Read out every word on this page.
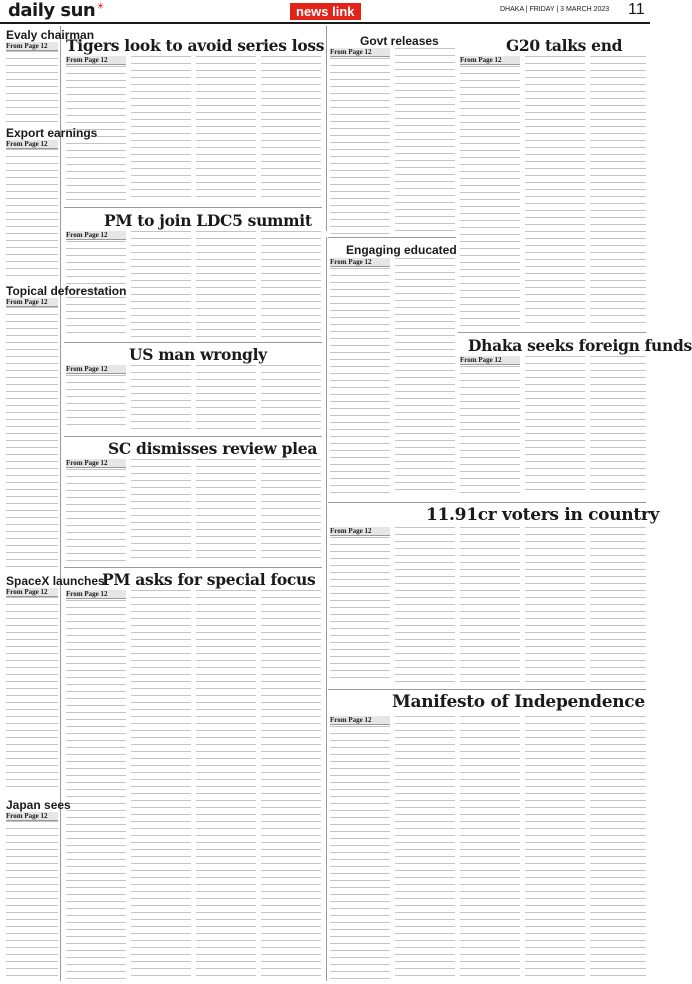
daily sun☀	news link	DHAKA | FRIDAY | 3 MARCH 2023 11
Evaly chairman
From Page 12
Export earnings
From Page 12
Topical deforestation
From Page 12
SpaceX launches
From Page 12
Japan sees
From Page 12
Tigers look to avoid series loss
From Page 12
Govt releases
From Page 12	G20 talks end
From Page 12
PM to join LDC5 summit
From Page 12
Engaging educated
From Page 12
Dhaka seeks foreign funds
From Page 12
US man wrongly
From Page 12
SC dismisses review plea
From Page 12
11.91cr voters in country
From Page 12
PM asks for special focus
From Page 12
Manifesto of Independence
From Page 12
